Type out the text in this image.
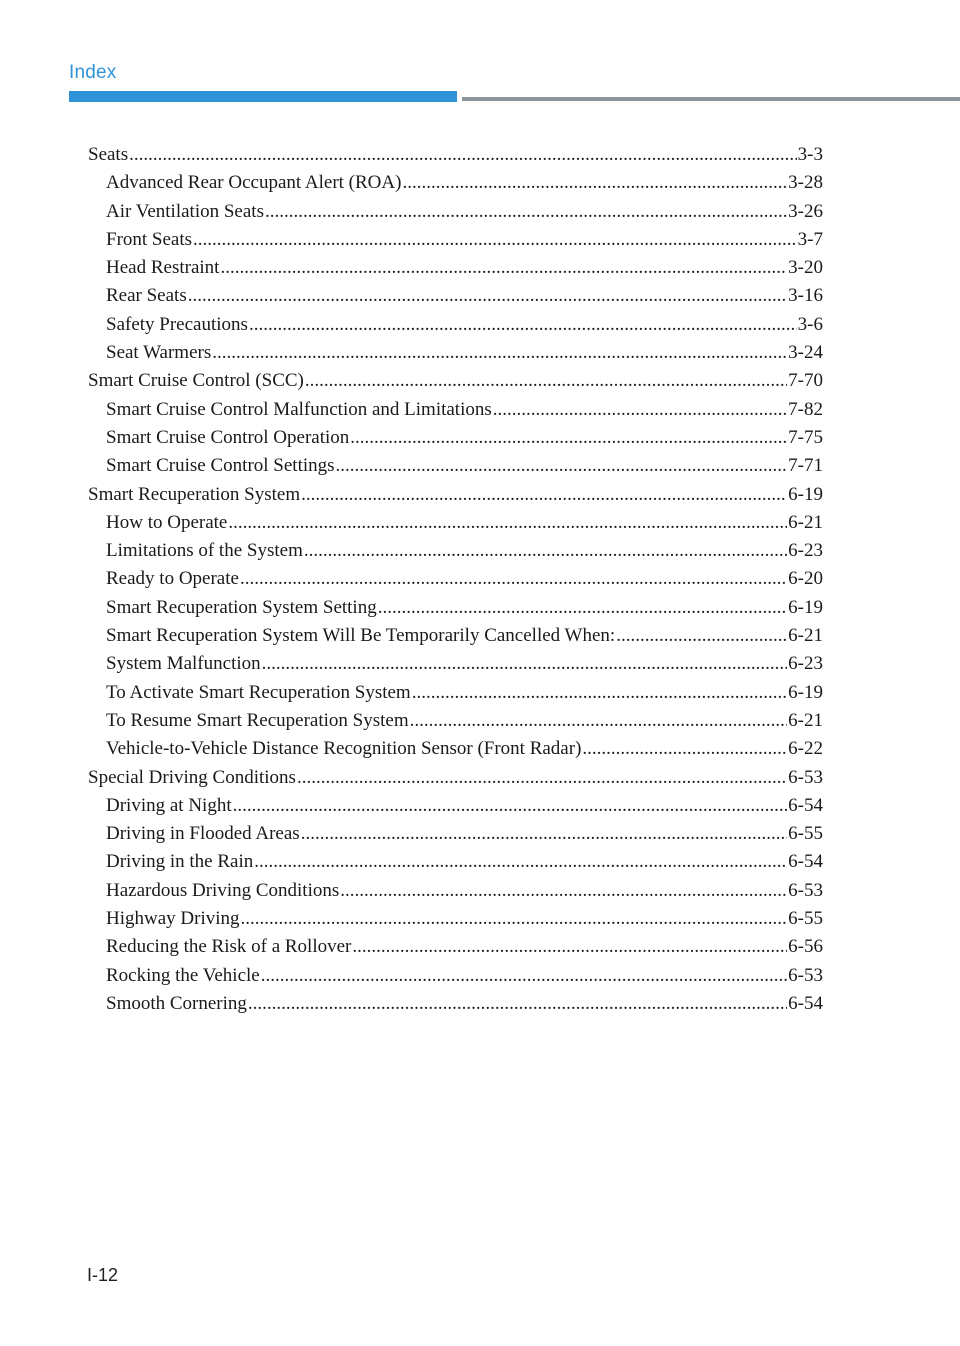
Index
Seats .....	3-3
Advanced Rear Occupant Alert (ROA) .....	3-28
Air Ventilation Seats .....	3-26
Front Seats .....	3-7
Head Restraint .....	3-20
Rear Seats .....	3-16
Safety Precautions .....	3-6
Seat Warmers .....	3-24
Smart Cruise Control (SCC) .....	7-70
Smart Cruise Control Malfunction and Limitations .....	7-82
Smart Cruise Control Operation .....	7-75
Smart Cruise Control Settings .....	7-71
Smart Recuperation System .....	6-19
How to Operate .....	6-21
Limitations of the System .....	6-23
Ready to Operate .....	6-20
Smart Recuperation System Setting .....	6-19
Smart Recuperation System Will Be Temporarily Cancelled When: .....	6-21
System Malfunction .....	6-23
To Activate Smart Recuperation System .....	6-19
To Resume Smart Recuperation System .....	6-21
Vehicle-to-Vehicle Distance Recognition Sensor (Front Radar) .....	6-22
Special Driving Conditions .....	6-53
Driving at Night .....	6-54
Driving in Flooded Areas .....	6-55
Driving in the Rain .....	6-54
Hazardous Driving Conditions .....	6-53
Highway Driving .....	6-55
Reducing the Risk of a Rollover .....	6-56
Rocking the Vehicle .....	6-53
Smooth Cornering .....	6-54
I-12
